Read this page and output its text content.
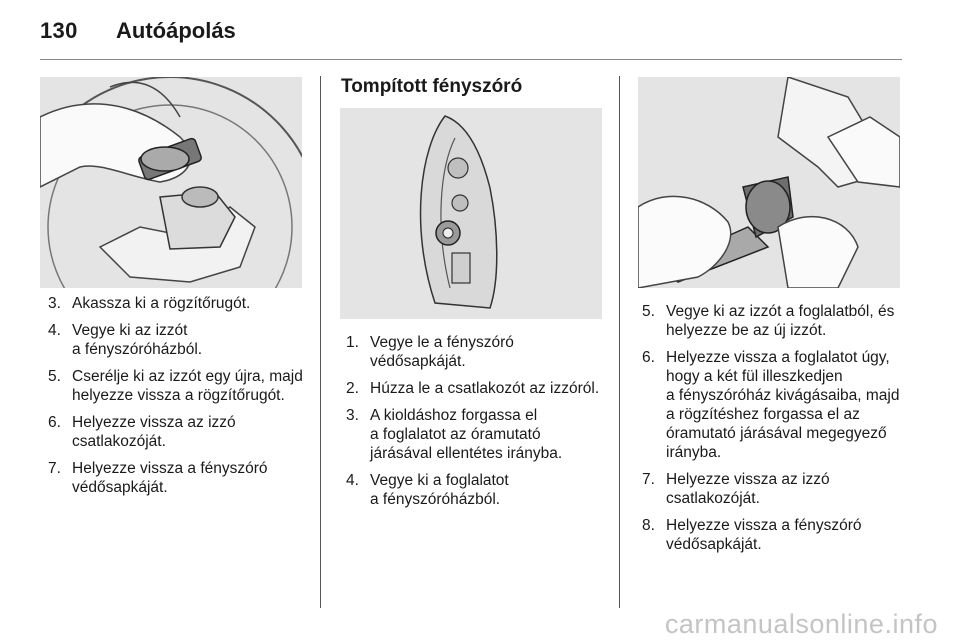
130 Autóápolás
3. Akassza ki a rögzítőrugót.
4. Vegye ki az izzót
a fényszóróházból.
5. Cserélje ki az izzót egy újra, majd
helyezze vissza a rögzítőrugót.
6. Helyezze vissza az izzó
csatlakozóját.
7. Helyezze vissza a fényszóró
védősapkáját.
Tompított fényszóró
1. Vegye le a fényszóró
védősapkáját.
2. Húzza le a csatlakozót az izzóról.
3. A kioldáshoz forgassa el
a foglalatot az óramutató
járásával ellentétes irányba.
4. Vegye ki a foglalatot
a fényszóróházból.
5. Vegye ki az izzót a foglalatból, és
helyezze be az új izzót.
6. Helyezze vissza a foglalatot úgy,
hogy a két fül illeszkedjen
a fényszóróház kivágásaiba, majd
a rögzítéshez forgassa el az
óramutató járásával megegyező
irányba.
7. Helyezze vissza az izzó
csatlakozóját.
8. Helyezze vissza a fényszóró
védősapkáját.
carmanualsonline.info
